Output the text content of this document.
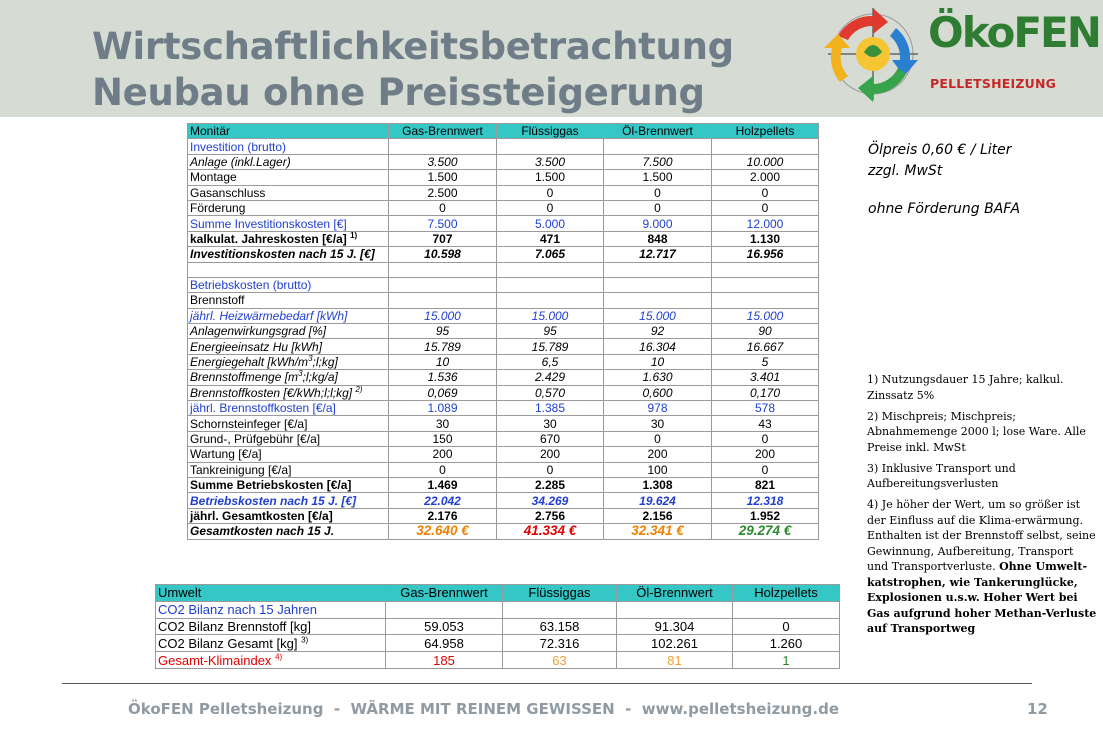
Wirtschaftlichkeitsbetrachtung
Neubau ohne Preissteigerung
ÖkoFEN
PELLETSHEIZUNG
Monitär	Gas-Brennwert	Flüssiggas	Öl-Brennwert	Holzpellets
Investition (brutto)				
Anlage (inkl.Lager)	3.500	3.500	7.500	10.000
Montage	1.500	1.500	1.500	2.000
Gasanschluss	2.500	0	0	0
Förderung	0	0	0	0
Summe Investitionskosten [€]	7.500	5.000	9.000	12.000
kalkulat. Jahreskosten [€/a] $^{1)}$	707	471	848	1.130
Investitionskosten nach 15 J. [€]	10.598	7.065	12.717	16.956

Betriebskosten (brutto)				
Brennstoff				
jährl. Heizwärmebedarf [kWh]	15.000	15.000	15.000	15.000
Anlagenwirkungsgrad [%]	95	95	92	90
Energieeinsatz Hu [kWh]	15.789	15.789	16.304	16.667
Energiegehalt $[kWh/m^3;l;kg]$	10	6,5	10	5
Brennstoffmenge $[m^3;l;kg/a]$	1.536	2.429	1.630	3.401
Brennstoffkosten [€/kWh;l;l;kg] $^{2)}$	0,069	0,570	0,600	0,170
jährl. Brennstoffkosten [€/a]	1.089	1.385	978	578
Schornsteinfeger [€/a]	30	30	30	43
Grund-, Prüfgebühr [€/a]	150	670	0	0
Wartung [€/a]	200	200	200	200
Tankreinigung [€/a]	0	0	100	0
Summe Betriebskosten [€/a]	1.469	2.285	1.308	821
Betriebskosten nach 15 J. [€]	22.042	34.269	19.624	12.318
jährl. Gesamtkosten [€/a]	2.176	2.756	2.156	1.952
Gesamtkosten nach 15 J.	32.640 €	41.334 €	32.341 €	29.274 €
Umwelt	Gas-Brennwert	Flüssiggas	Öl-Brennwert	Holzpellets
CO2 Bilanz nach 15 Jahren				
CO2 Bilanz Brennstoff [kg]	59.053	63.158	91.304	0
CO2 Bilanz Gesamt [kg] $^{3)}$	64.958	72.316	102.261	1.260
Gesamt-Klimaindex $^{4)}$	185	63	81	1
Ölpreis 0,60 € / Liter
zzgl. MwSt
ohne Förderung BAFA

1) Nutzungsdauer 15 Jahre; kalkul. Zinssatz 5%

2) Mischpreis; Mischpreis; Abnahmemenge 2000 l; lose Ware. Alle Preise inkl. MwSt

3) Inklusive Transport und Aufbereitungsverlusten

4) Je höher der Wert, um so größer ist der Einfluss auf die Klima-erwärmung. Enthalten ist der Brennstoff selbst, seine Gewinnung, Aufbereitung, Transport und Transportverluste. Ohne Umwelt-katstrophen, wie Tankerunglücke, Explosionen u.s.w. Hoher Wert bei Gas aufgrund hoher Methan-Verluste auf Transportweg

ÖkoFEN Pelletsheizung  -  WÄRME MIT REINEM GEWISSEN  -  www.pelletsheizung.de	12
